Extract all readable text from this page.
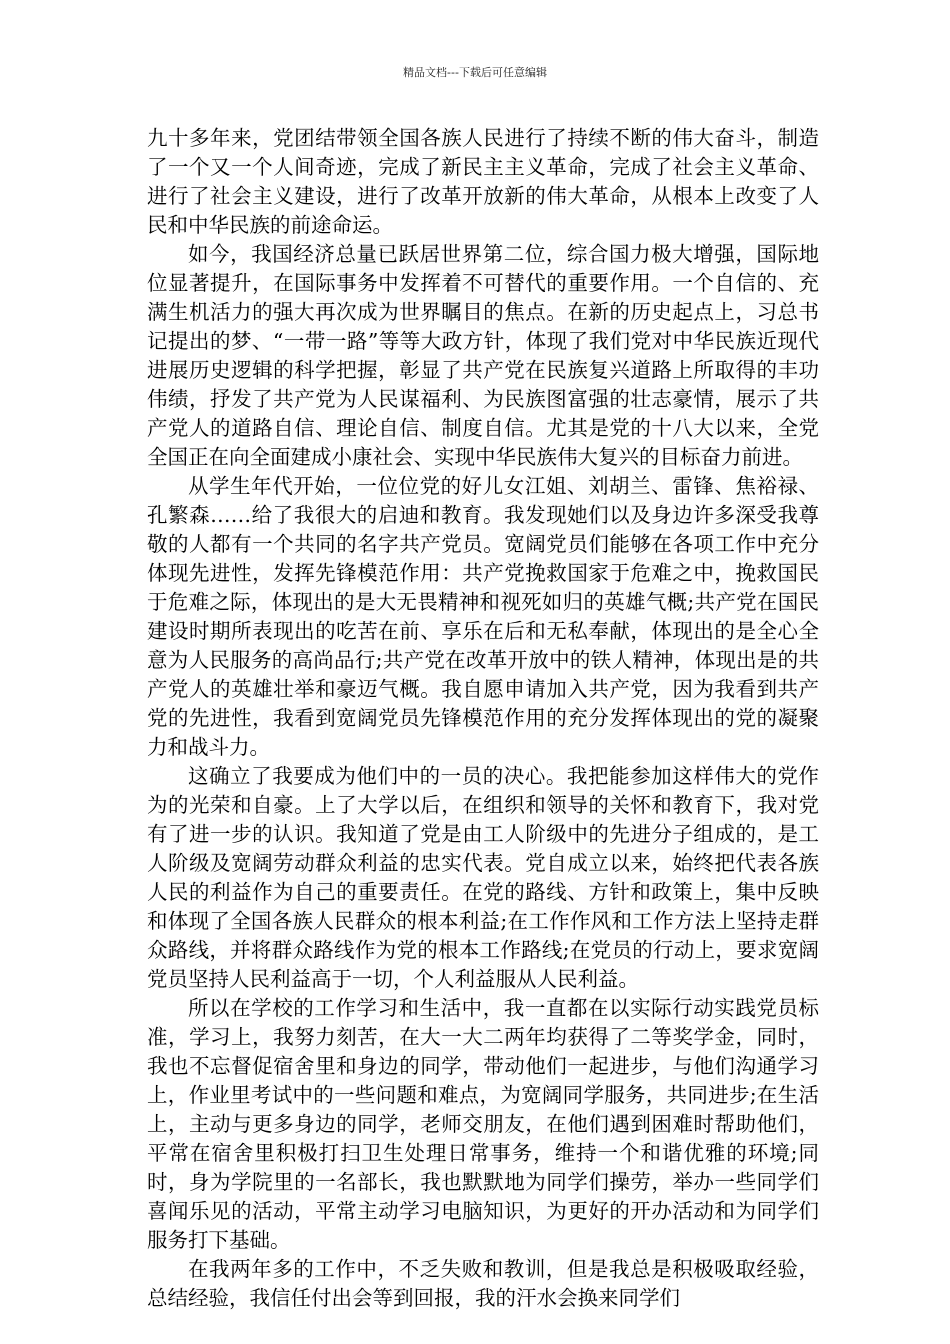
精品文档---下载后可任意编辑

九十多年来，党团结带领全国各族人民进行了持续不断的伟大奋斗，制造了一个又一个人间奇迹，完成了新民主主义革命，完成了社会主义革命、进行了社会主义建设，进行了改革开放新的伟大革命，从根本上改变了人民和中华民族的前途命运。

如今，我国经济总量已跃居世界第二位，综合国力极大增强，国际地位显著提升，在国际事务中发挥着不可替代的重要作用。一个自信的、充满生机活力的强大再次成为世界瞩目的焦点。在新的历史起点上，习总书记提出的梦、“一带一路”等等大政方针，体现了我们党对中华民族近现代进展历史逻辑的科学把握，彰显了共产党在民族复兴道路上所取得的丰功伟绩，抒发了共产党为人民谋福利、为民族图富强的壮志豪情，展示了共产党人的道路自信、理论自信、制度自信。尤其是党的十八大以来，全党全国正在向全面建成小康社会、实现中华民族伟大复兴的目标奋力前进。

从学生年代开始，一位位党的好儿女江姐、刘胡兰、雷锋、焦裕禄、孔繁森……给了我很大的启迪和教育。我发现她们以及身边许多深受我尊敬的人都有一个共同的名字共产党员。宽阔党员们能够在各项工作中充分体现先进性，发挥先锋模范作用：共产党挽救国家于危难之中，挽救国民于危难之际，体现出的是大无畏精神和视死如归的英雄气概;共产党在国民建设时期所表现出的吃苦在前、享乐在后和无私奉献，体现出的是全心全意为人民服务的高尚品行;共产党在改革开放中的铁人精神，体现出是的共产党人的英雄壮举和豪迈气概。我自愿申请加入共产党，因为我看到共产党的先进性，我看到宽阔党员先锋模范作用的充分发挥体现出的党的凝聚力和战斗力。

这确立了我要成为他们中的一员的决心。我把能参加这样伟大的党作为的光荣和自豪。上了大学以后，在组织和领导的关怀和教育下，我对党有了进一步的认识。我知道了党是由工人阶级中的先进分子组成的，是工人阶级及宽阔劳动群众利益的忠实代表。党自成立以来，始终把代表各族人民的利益作为自己的重要责任。在党的路线、方针和政策上，集中反映和体现了全国各族人民群众的根本利益;在工作作风和工作方法上坚持走群众路线，并将群众路线作为党的根本工作路线;在党员的行动上，要求宽阔党员坚持人民利益高于一切，个人利益服从人民利益。

所以在学校的工作学习和生活中，我一直都在以实际行动实践党员标准，学习上，我努力刻苦，在大一大二两年均获得了二等奖学金，同时，我也不忘督促宿舍里和身边的同学，带动他们一起进步，与他们沟通学习上，作业里考试中的一些问题和难点，为宽阔同学服务，共同进步;在生活上，主动与更多身边的同学，老师交朋友，在他们遇到困难时帮助他们，平常在宿舍里积极打扫卫生处理日常事务，维持一个和谐优雅的环境;同时，身为学院里的一名部长，我也默默地为同学们操劳，举办一些同学们喜闻乐见的活动，平常主动学习电脑知识，为更好的开办活动和为同学们服务打下基础。

在我两年多的工作中，不乏失败和教训，但是我总是积极吸取经验，总结经验，我信任付出会等到回报，我的汗水会换来同学们
